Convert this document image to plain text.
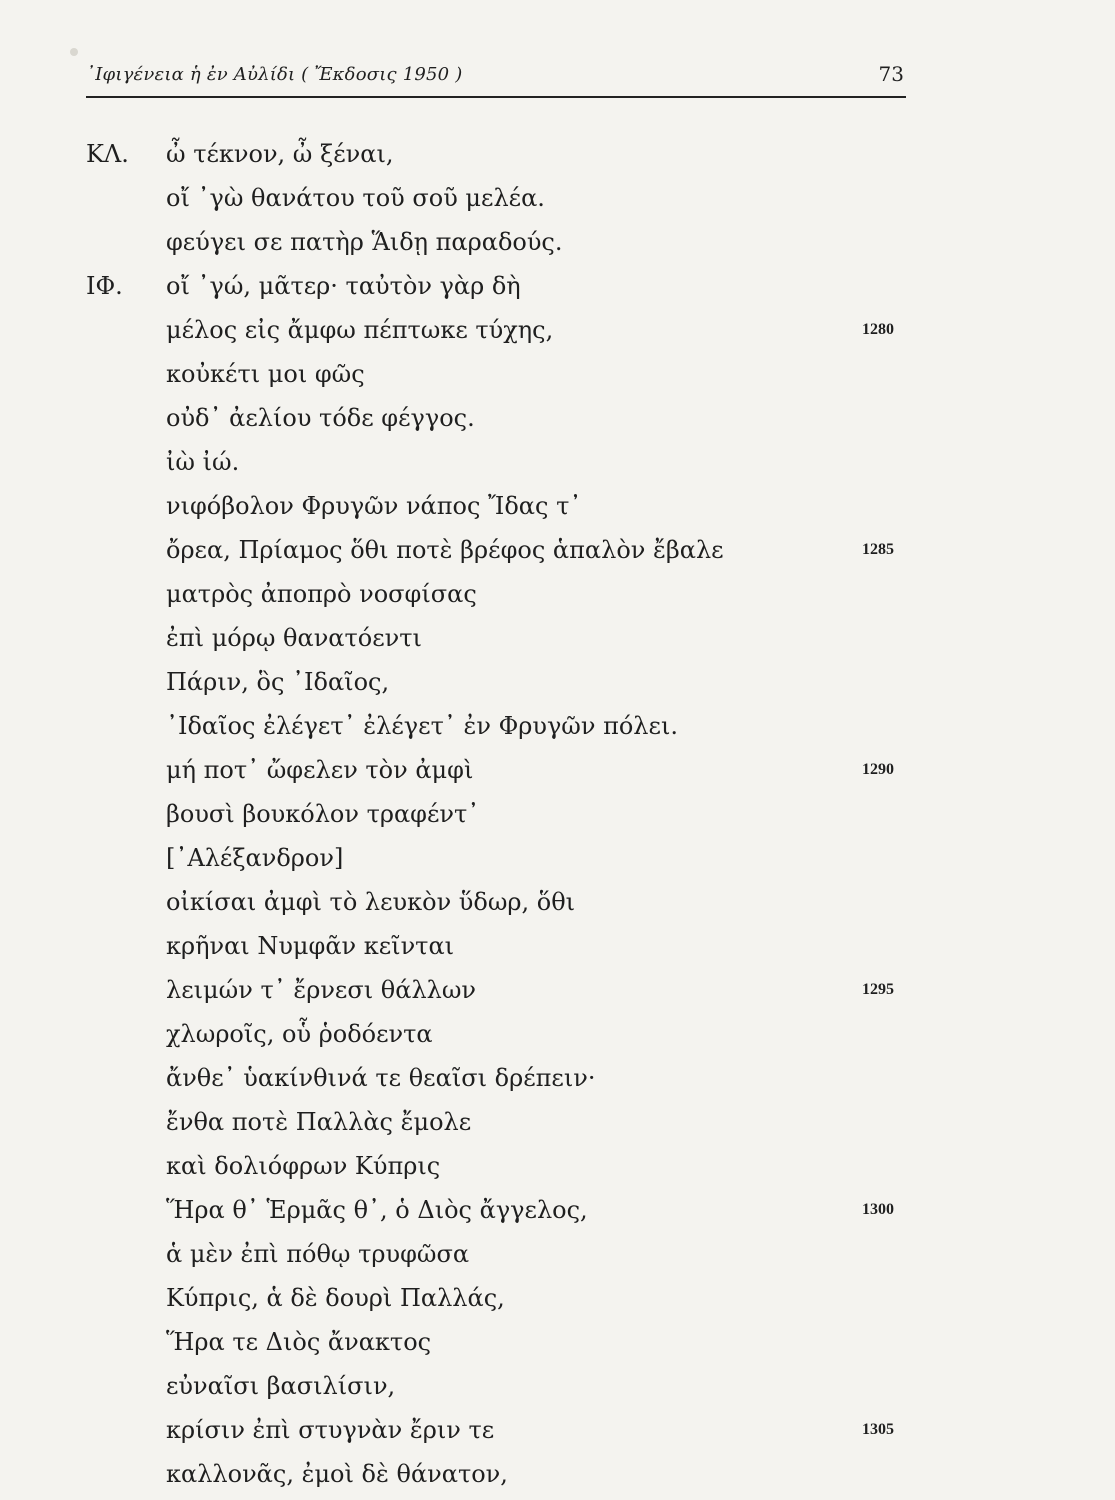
᾿Ιφιγένεια ἡ ἐν Αὐλίδι ( Ἔκδοσις 1950 )	73
ΚΛ. ὦ τέκνον, ὦ ξέναι,
οἴ ᾿γὼ θανάτου τοῦ σοῦ μελέα.
φεύγει σε πατὴρ Ἅιδῃ παραδούς.
ΙΦ. οἴ ᾿γώ, μᾶτερ· ταὐτὸν γὰρ δὴ
μέλος εἰς ἄμφω πέπτωκε τύχης,	1280
κοὐκέτι μοι φῶς
οὐδ᾿ ἀελίου τόδε φέγγος.
ἰὼ ἰώ.
νιφόβολον Φρυγῶν νάπος Ἴδας τ᾿
ὄρεα, Πρίαμος ὅθι ποτὲ βρέφος ἁπαλὸν ἔβαλε	1285
ματρὸς ἀποπρὸ νοσφίσας
ἐπὶ μόρῳ θανατόεντι
Πάριν, ὃς ᾿Ιδαῖος,
᾿Ιδαῖος ἐλέγετ᾿ ἐλέγετ᾿ ἐν Φρυγῶν πόλει.
μή ποτ᾿ ὤφελεν τὸν ἀμφὶ	1290
βουσὶ βουκόλον τραφέντ᾿
[᾿Αλέξανδρον]
οἰκίσαι ἀμφὶ τὸ λευκὸν ὕδωρ, ὅθι
κρῆναι Νυμφᾶν κεῖνται
λειμών τ᾿ ἔρνεσι θάλλων	1295
χλωροῖς, οὗ ῥοδόεντα
ἄνθε᾿ ὑακίνθινά τε θεαῖσι δρέπειν·
ἔνθα ποτὲ Παλλὰς ἔμολε
καὶ δολιόφρων Κύπρις
Ἥρα θ᾿ Ἑρμᾶς θ᾿, ὁ Διὸς ἄγγελος,	1300
ἁ μὲν ἐπὶ πόθῳ τρυφῶσα
Κύπρις, ἁ δὲ δουρὶ Παλλάς,
Ἥρα τε Διὸς ἄνακτος
εὐναῖσι βασιλίσιν,
κρίσιν ἐπὶ στυγνὰν ἔριν τε	1305
καλλονᾶς, ἐμοὶ δὲ θάνατον,
